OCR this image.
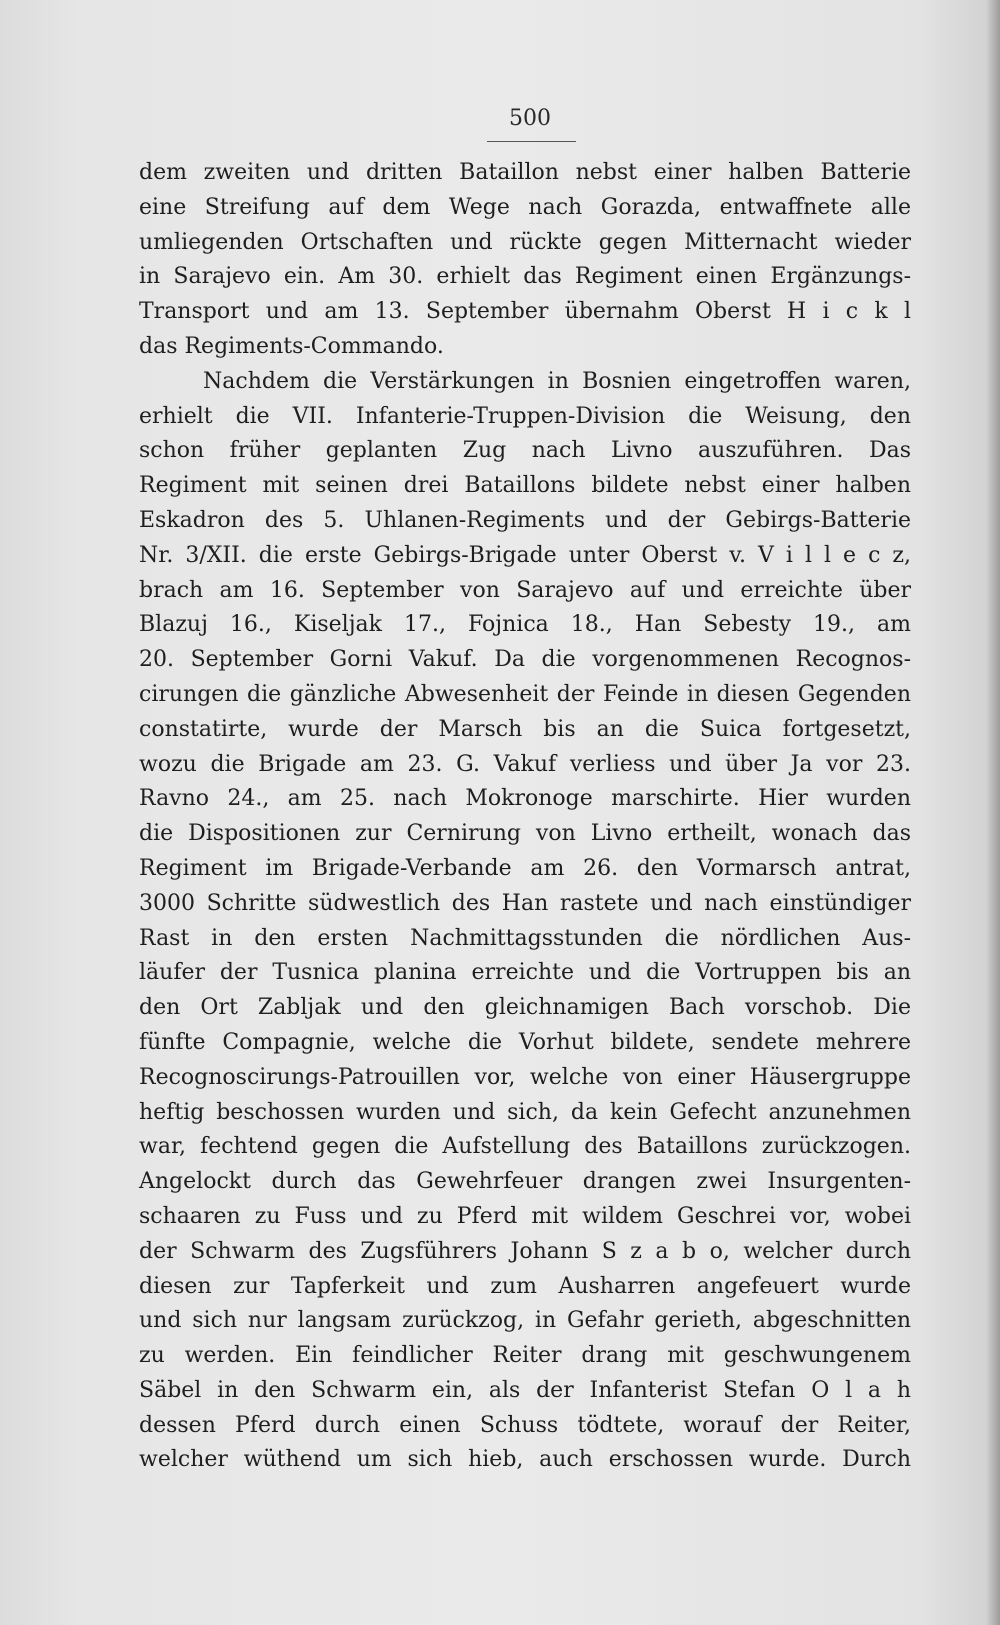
500
dem zweiten und dritten Bataillon nebst einer halben Batterie
eine Streifung auf dem Wege nach Gorazda, entwaffnete alle
umliegenden Ortschaften und rückte gegen Mitternacht wieder
in Sarajevo ein. Am 30. erhielt das Regiment einen Ergänzungs-
Transport und am 13. September übernahm Oberst H i c k l
das Regiments-Commando.
Nachdem die Verstärkungen in Bosnien eingetroffen waren,
erhielt die VII. Infanterie-Truppen-Division die Weisung, den
schon früher geplanten Zug nach Livno auszuführen. Das
Regiment mit seinen drei Bataillons bildete nebst einer halben
Eskadron des 5. Uhlanen-Regiments und der Gebirgs-Batterie
Nr. 3/XII. die erste Gebirgs-Brigade unter Oberst v. V i l l e c z,
brach am 16. September von Sarajevo auf und erreichte über
Blazuj 16., Kiseljak 17., Fojnica 18., Han Sebesty 19., am
20. September Gorni Vakuf. Da die vorgenommenen Recognos-
cirungen die gänzliche Abwesenheit der Feinde in diesen Gegenden
constatirte, wurde der Marsch bis an die Suica fortgesetzt,
wozu die Brigade am 23. G. Vakuf verliess und über Ja vor 23.
Ravno 24., am 25. nach Mokronoge marschirte. Hier wurden
die Dispositionen zur Cernirung von Livno ertheilt, wonach das
Regiment im Brigade-Verbande am 26. den Vormarsch antrat,
3000 Schritte südwestlich des Han rastete und nach einstündiger
Rast in den ersten Nachmittagsstunden die nördlichen Aus-
läufer der Tusnica planina erreichte und die Vortruppen bis an
den Ort Zabljak und den gleichnamigen Bach vorschob. Die
fünfte Compagnie, welche die Vorhut bildete, sendete mehrere
Recognoscirungs-Patrouillen vor, welche von einer Häusergruppe
heftig beschossen wurden und sich, da kein Gefecht anzunehmen
war, fechtend gegen die Aufstellung des Bataillons zurückzogen.
Angelockt durch das Gewehrfeuer drangen zwei Insurgenten-
schaaren zu Fuss und zu Pferd mit wildem Geschrei vor, wobei
der Schwarm des Zugsführers Johann S z a b o, welcher durch
diesen zur Tapferkeit und zum Ausharren angefeuert wurde
und sich nur langsam zurückzog, in Gefahr gerieth, abgeschnitten
zu werden. Ein feindlicher Reiter drang mit geschwungenem
Säbel in den Schwarm ein, als der Infanterist Stefan O l a h
dessen Pferd durch einen Schuss tödtete, worauf der Reiter,
welcher wüthend um sich hieb, auch erschossen wurde. Durch
